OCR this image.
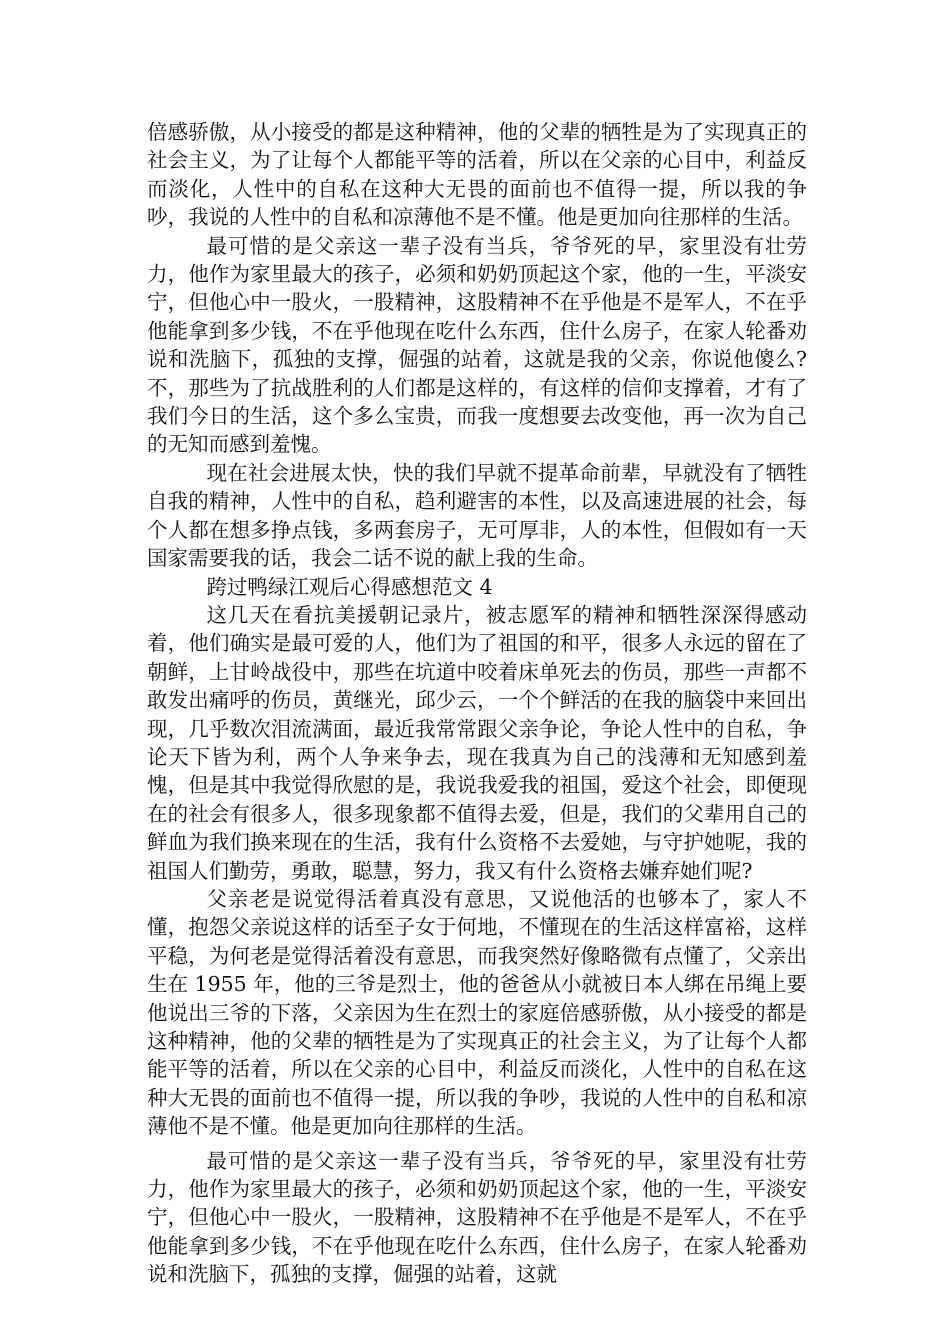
倍感骄傲，从小接受的都是这种精神，他的父辈的牺牲是为了实现真正的社会主义，为了让每个人都能平等的活着，所以在父亲的心目中，利益反而淡化，人性中的自私在这种大无畏的面前也不值得一提，所以我的争吵，我说的人性中的自私和凉薄他不是不懂。他是更加向往那样的生活。

最可惜的是父亲这一辈子没有当兵，爷爷死的早，家里没有壮劳力，他作为家里最大的孩子，必须和奶奶顶起这个家，他的一生，平淡安宁，但他心中一股火，一股精神，这股精神不在乎他是不是军人，不在乎他能拿到多少钱，不在乎他现在吃什么东西，住什么房子，在家人轮番劝说和洗脑下，孤独的支撑，倔强的站着，这就是我的父亲，你说他傻么?不，那些为了抗战胜利的人们都是这样的，有这样的信仰支撑着，才有了我们今日的生活，这个多么宝贵，而我一度想要去改变他，再一次为自己的无知而感到羞愧。

现在社会进展太快，快的我们早就不提革命前辈，早就没有了牺牲自我的精神，人性中的自私，趋利避害的本性，以及高速进展的社会，每个人都在想多挣点钱，多两套房子，无可厚非，人的本性，但假如有一天国家需要我的话，我会二话不说的献上我的生命。

跨过鸭绿江观后心得感想范文 4

这几天在看抗美援朝记录片，被志愿军的精神和牺牲深深得感动着，他们确实是最可爱的人，他们为了祖国的和平，很多人永远的留在了朝鲜，上甘岭战役中，那些在坑道中咬着床单死去的伤员，那些一声都不敢发出痛呼的伤员，黄继光，邱少云，一个个鲜活的在我的脑袋中来回出现，几乎数次泪流满面，最近我常常跟父亲争论，争论人性中的自私，争论天下皆为利，两个人争来争去，现在我真为自己的浅薄和无知感到羞愧，但是其中我觉得欣慰的是，我说我爱我的祖国，爱这个社会，即便现在的社会有很多人，很多现象都不值得去爱，但是，我们的父辈用自己的鲜血为我们换来现在的生活，我有什么资格不去爱她，与守护她呢，我的祖国人们勤劳，勇敢，聪慧，努力，我又有什么资格去嫌弃她们呢?

父亲老是说觉得活着真没有意思，又说他活的也够本了，家人不懂，抱怨父亲说这样的话至子女于何地，不懂现在的生活这样富裕，这样平稳，为何老是觉得活着没有意思，而我突然好像略微有点懂了，父亲出生在 1955 年，他的三爷是烈士，他的爸爸从小就被日本人绑在吊绳上要他说出三爷的下落，父亲因为生在烈士的家庭倍感骄傲，从小接受的都是这种精神，他的父辈的牺牲是为了实现真正的社会主义，为了让每个人都能平等的活着，所以在父亲的心目中，利益反而淡化，人性中的自私在这种大无畏的面前也不值得一提，所以我的争吵，我说的人性中的自私和凉薄他不是不懂。他是更加向往那样的生活。

最可惜的是父亲这一辈子没有当兵，爷爷死的早，家里没有壮劳力，他作为家里最大的孩子，必须和奶奶顶起这个家，他的一生，平淡安宁，但他心中一股火，一股精神，这股精神不在乎他是不是军人，不在乎他能拿到多少钱，不在乎他现在吃什么东西，住什么房子，在家人轮番劝说和洗脑下，孤独的支撑，倔强的站着，这就
